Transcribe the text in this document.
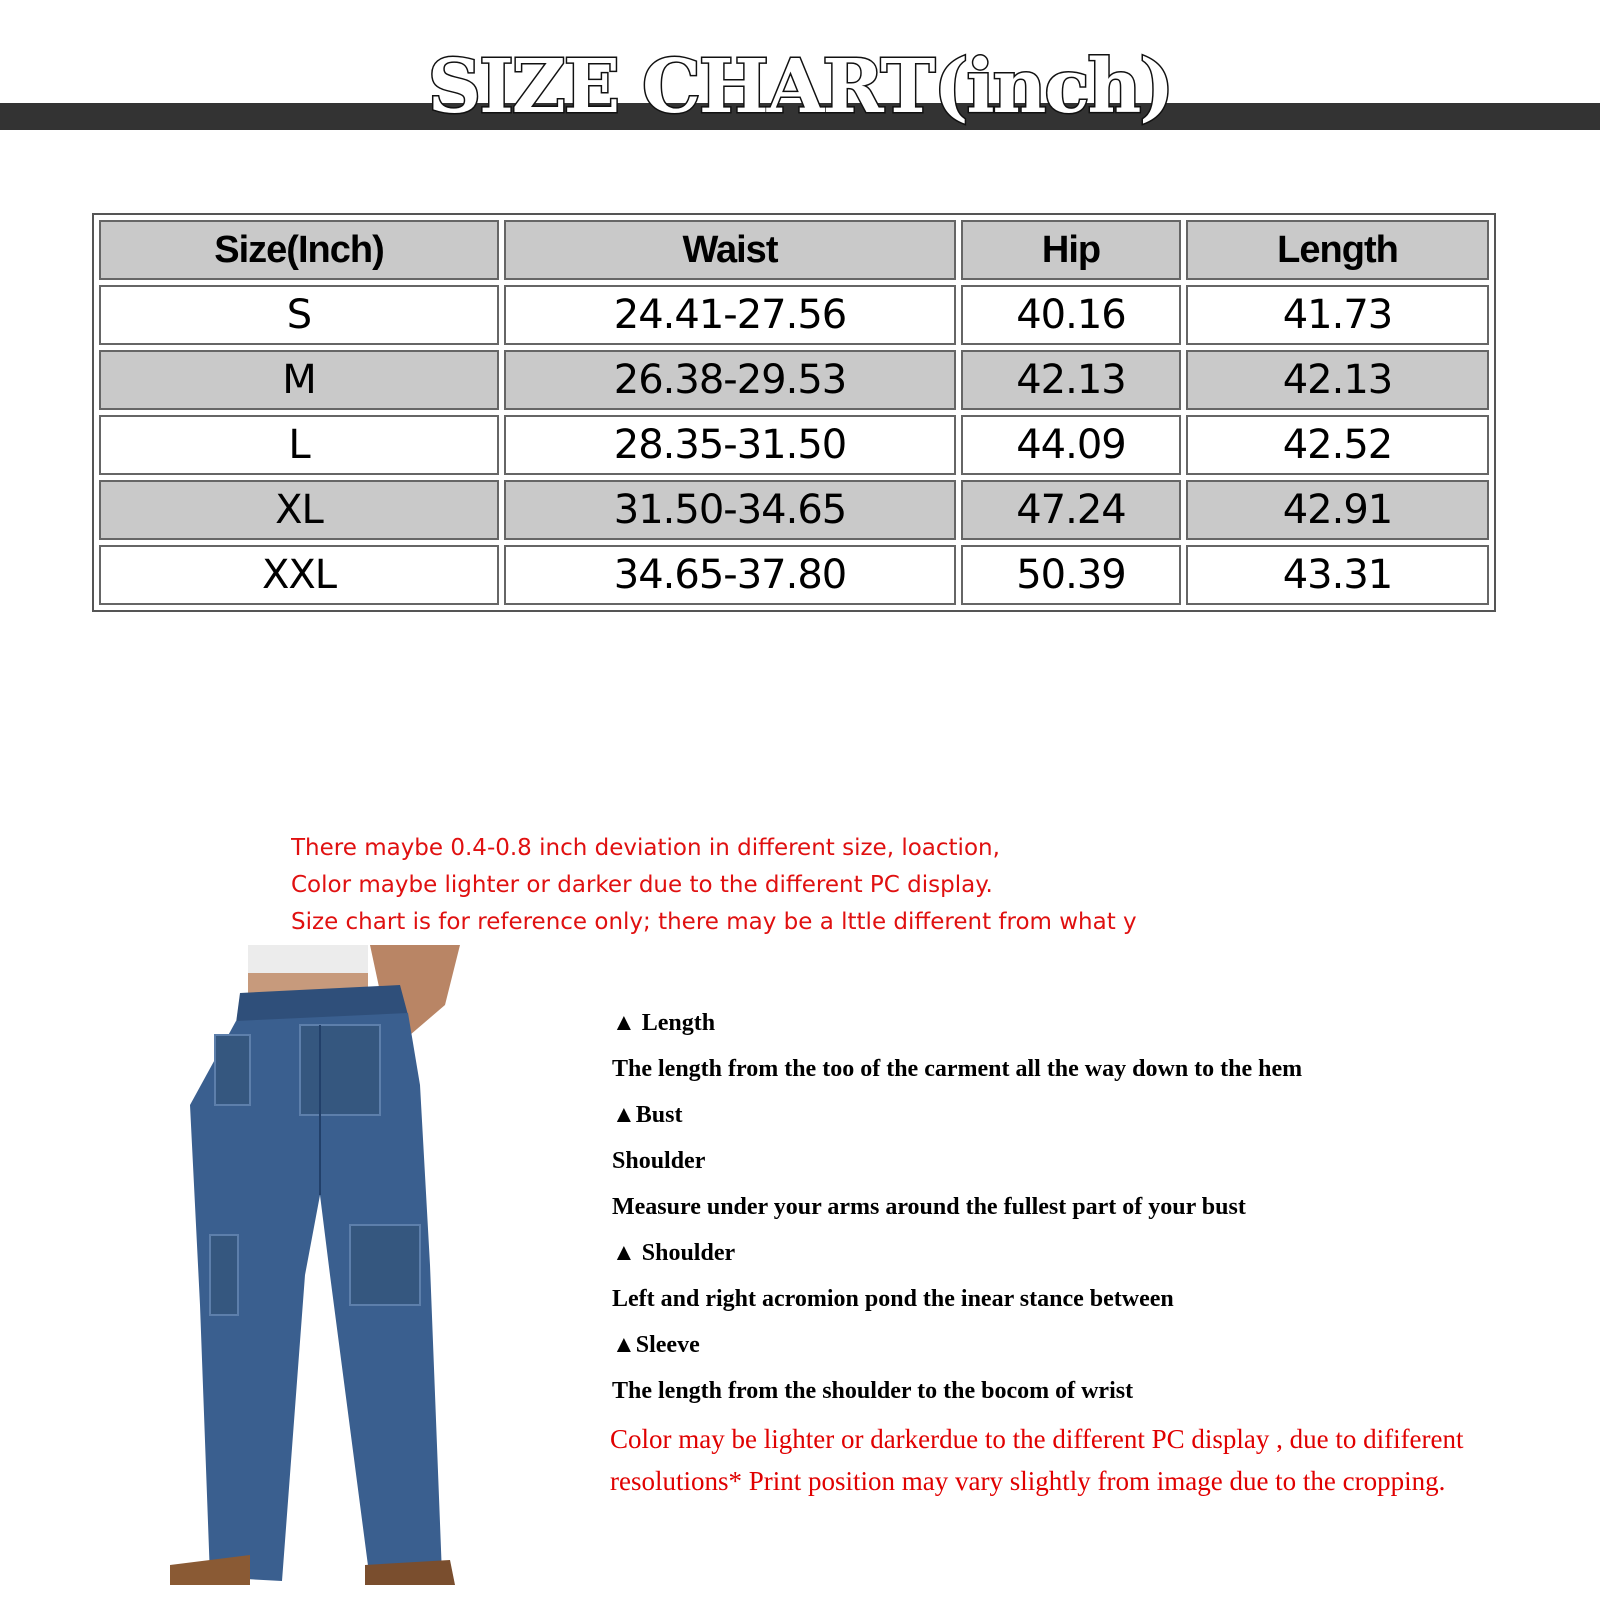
SIZE CHART(inch)
Size(Inch)	Waist	Hip	Length
S	24.41-27.56	40.16	41.73
M	26.38-29.53	42.13	42.13
L	28.35-31.50	44.09	42.52
XL	31.50-34.65	47.24	42.91
XXL	34.65-37.80	50.39	43.31
There maybe 0.4-0.8 inch deviation in different size, loaction,
Color maybe lighter or darker due to the different PC display.
Size chart is for reference only; there may be a lttle different from what y
▲ Length
The length from the too of the carment all the way down to the hem
▲Bust
Shoulder
Measure under your arms around the fullest part of your bust
▲ Shoulder
Left and right acromion pond the inear stance between
▲Sleeve
The length from the shoulder to the bocom of wrist
Color may be lighter or darkerdue to the different PC display , due to dififerent
resolutions* Print position may vary slightly from image due to the cropping.
